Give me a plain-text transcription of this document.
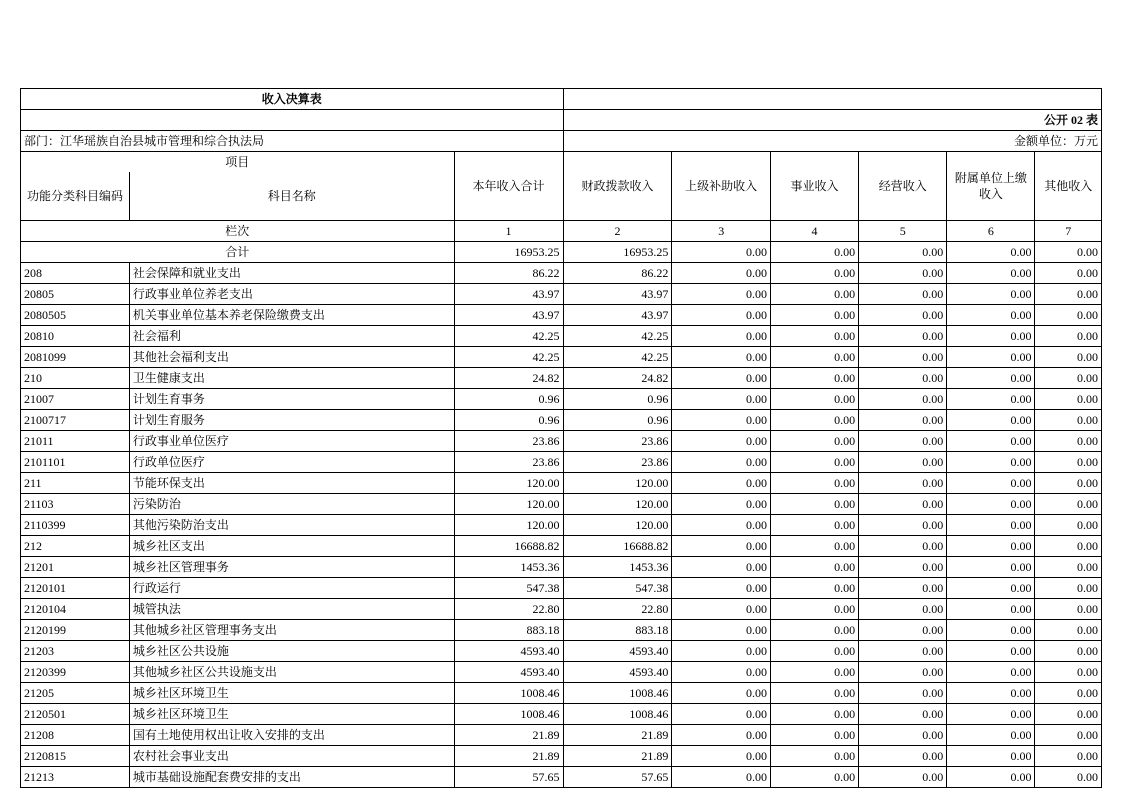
收入决算表								
			公开 02 表					
部门：江华瑶族自治县城市管理和综合执法局			金额单位：万元					
项目		本年收入合计	财政拨款收入	上级补助收入	事业收入	经营收入	附属单位上缴收入	其他收入
功能分类科目编码	科目名称							
栏次		1	2	3	4	5	6	7
合计		16953.25	16953.25	0.00	0.00	0.00	0.00	0.00
208	社会保障和就业支出	86.22	86.22	0.00	0.00	0.00	0.00	0.00
20805	行政事业单位养老支出	43.97	43.97	0.00	0.00	0.00	0.00	0.00
2080505	机关事业单位基本养老保险缴费支出	43.97	43.97	0.00	0.00	0.00	0.00	0.00
20810	社会福利	42.25	42.25	0.00	0.00	0.00	0.00	0.00
2081099	其他社会福利支出	42.25	42.25	0.00	0.00	0.00	0.00	0.00
210	卫生健康支出	24.82	24.82	0.00	0.00	0.00	0.00	0.00
21007	计划生育事务	0.96	0.96	0.00	0.00	0.00	0.00	0.00
2100717	计划生育服务	0.96	0.96	0.00	0.00	0.00	0.00	0.00
21011	行政事业单位医疗	23.86	23.86	0.00	0.00	0.00	0.00	0.00
2101101	行政单位医疗	23.86	23.86	0.00	0.00	0.00	0.00	0.00
211	节能环保支出	120.00	120.00	0.00	0.00	0.00	0.00	0.00
21103	污染防治	120.00	120.00	0.00	0.00	0.00	0.00	0.00
2110399	其他污染防治支出	120.00	120.00	0.00	0.00	0.00	0.00	0.00
212	城乡社区支出	16688.82	16688.82	0.00	0.00	0.00	0.00	0.00
21201	城乡社区管理事务	1453.36	1453.36	0.00	0.00	0.00	0.00	0.00
2120101	行政运行	547.38	547.38	0.00	0.00	0.00	0.00	0.00
2120104	城管执法	22.80	22.80	0.00	0.00	0.00	0.00	0.00
2120199	其他城乡社区管理事务支出	883.18	883.18	0.00	0.00	0.00	0.00	0.00
21203	城乡社区公共设施	4593.40	4593.40	0.00	0.00	0.00	0.00	0.00
2120399	其他城乡社区公共设施支出	4593.40	4593.40	0.00	0.00	0.00	0.00	0.00
21205	城乡社区环境卫生	1008.46	1008.46	0.00	0.00	0.00	0.00	0.00
2120501	城乡社区环境卫生	1008.46	1008.46	0.00	0.00	0.00	0.00	0.00
21208	国有土地使用权出让收入安排的支出	21.89	21.89	0.00	0.00	0.00	0.00	0.00
2120815	农村社会事业支出	21.89	21.89	0.00	0.00	0.00	0.00	0.00
21213	城市基础设施配套费安排的支出	57.65	57.65	0.00	0.00	0.00	0.00	0.00
